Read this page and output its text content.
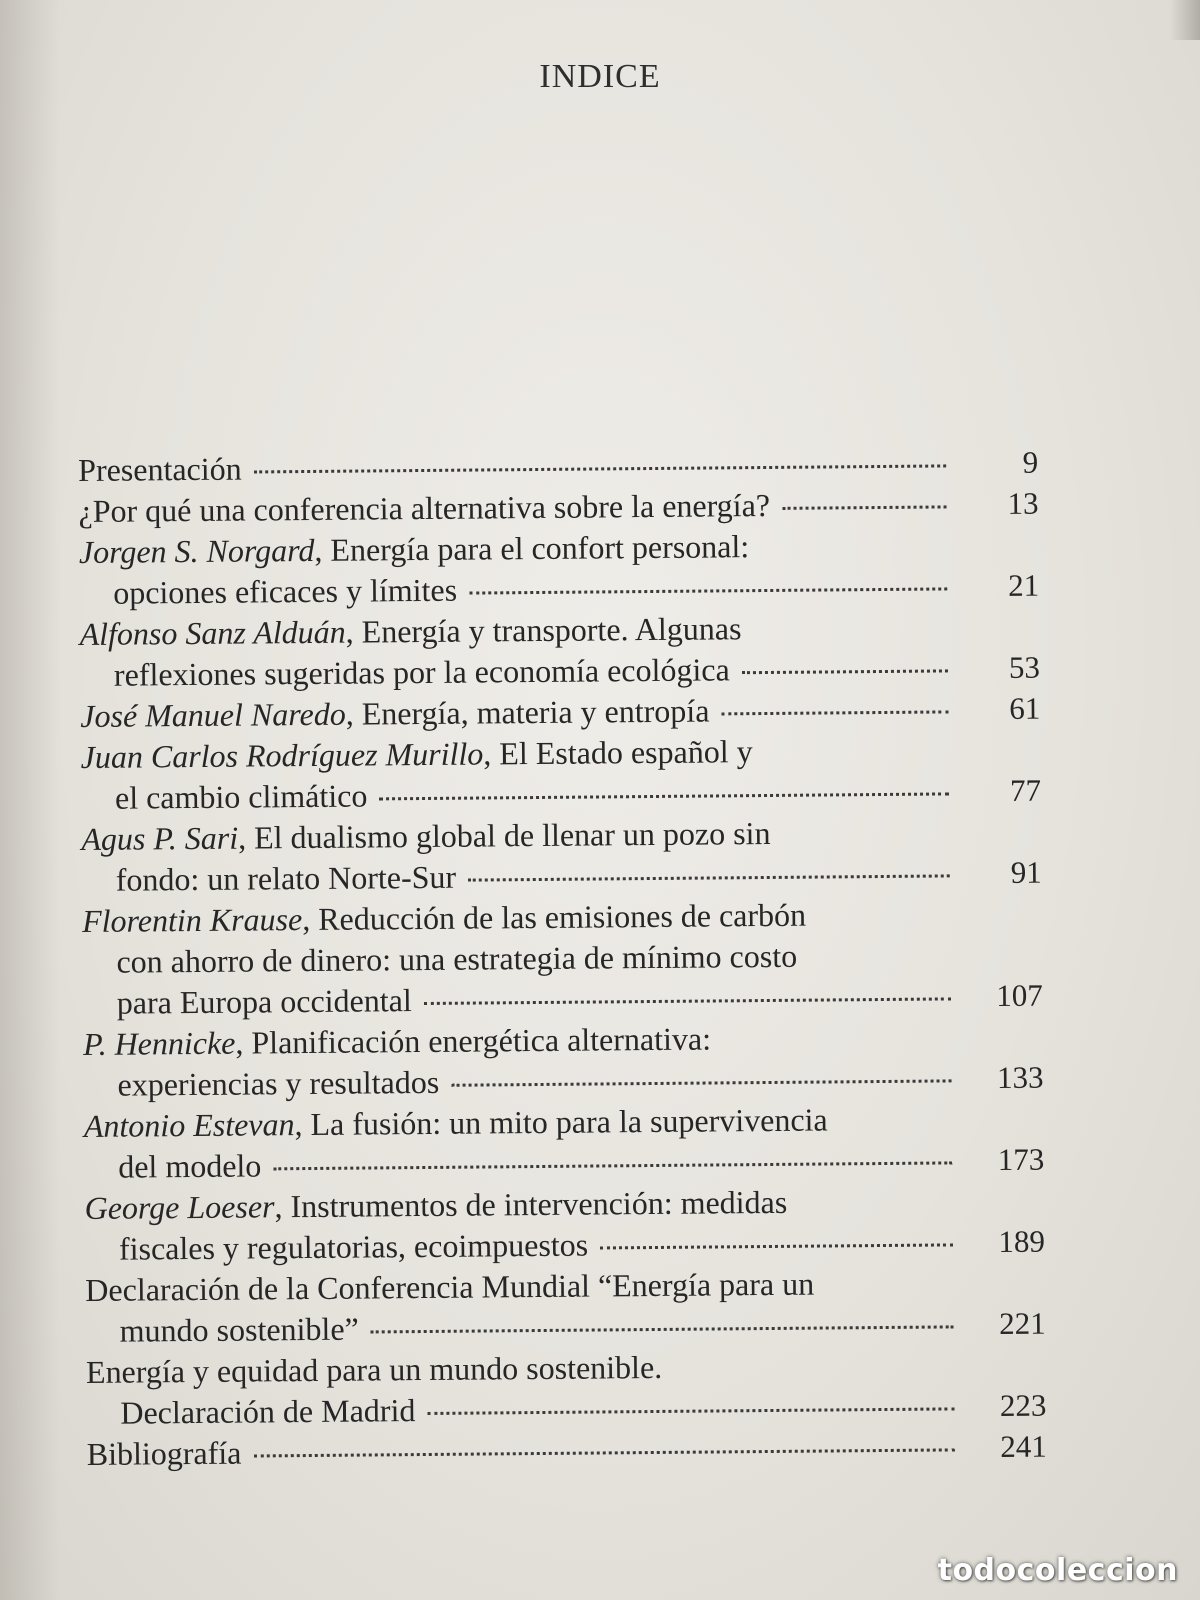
INDICE
Presentación	9
¿Por qué una conferencia alternativa sobre la energía?	13
Jorgen S. Norgard , Energía para el confort personal:
opciones eficaces y límites	21
Alfonso Sanz Alduán , Energía y transporte. Algunas
reflexiones sugeridas por la economía ecológica	53
José Manuel Naredo , Energía, materia y entropía	61
Juan Carlos Rodríguez Murillo , El Estado español y
el cambio climático	77
Agus P. Sari , El dualismo global de llenar un pozo sin
fondo: un relato Norte-Sur	91
Florentin Krause , Reducción de las emisiones de carbón
con ahorro de dinero: una estrategia de mínimo costo
para Europa occidental	107
P. Hennicke , Planificación energética alternativa:
experiencias y resultados	133
Antonio Estevan , La fusión: un mito para la supervivencia
del modelo	173
George Loeser , Instrumentos de intervención: medidas
fiscales y regulatorias, ecoimpuestos	189
Declaración de la Conferencia Mundial “Energía para un
mundo sostenible”	221
Energía y equidad para un mundo sostenible.
Declaración de Madrid	223
Bibliografía	241
todocoleccion
